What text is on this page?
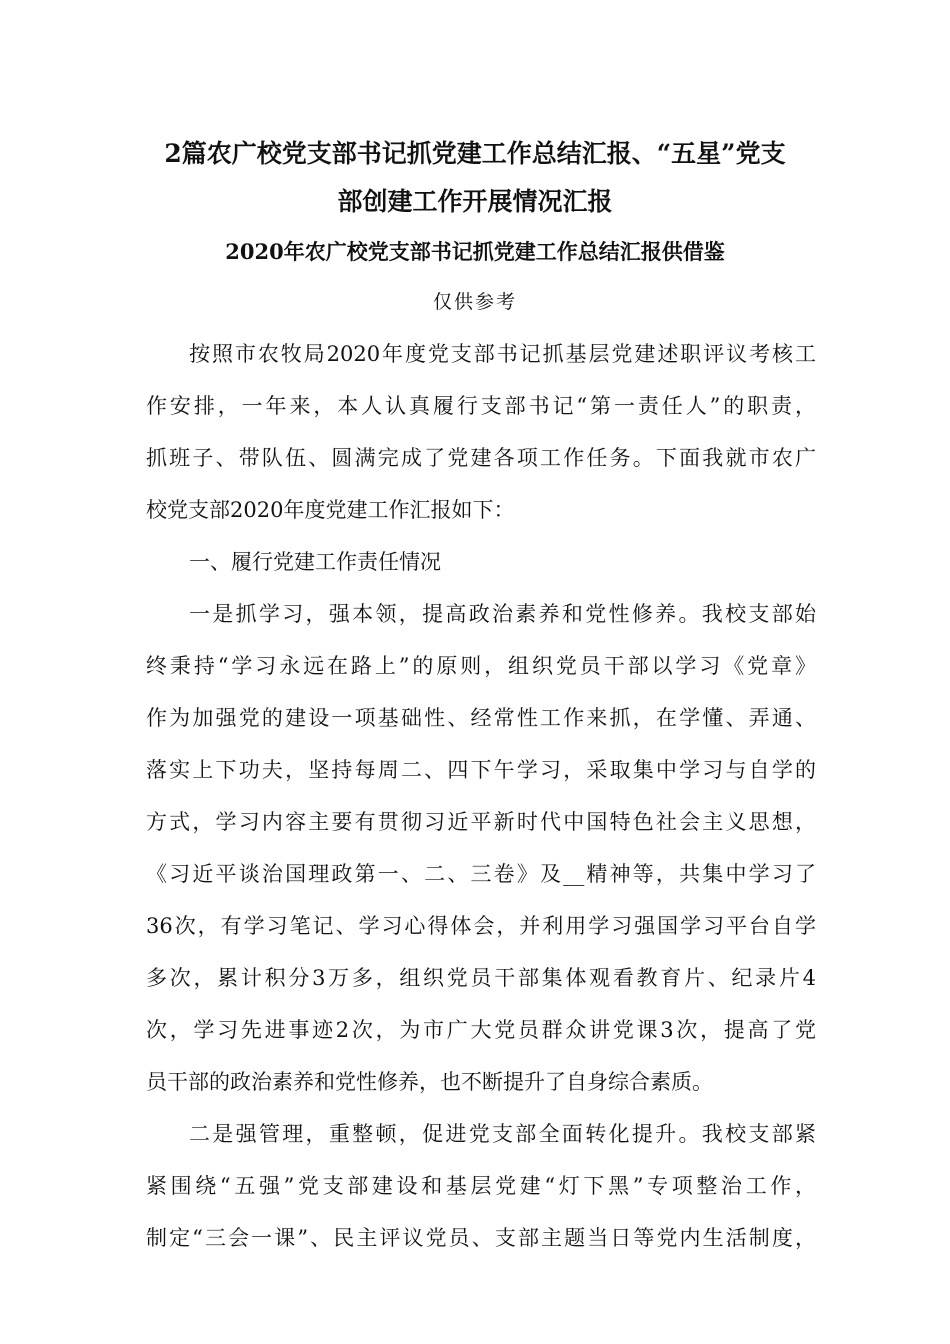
2篇农广校党支部书记抓党建工作总结汇报、“五星”党支
部创建工作开展情况汇报
2020年农广校党支部书记抓党建工作总结汇报供借鉴
仅供参考
按照市农牧局2020年度党支部书记抓基层党建述职评议考核工
作安排，一年来，本人认真履行支部书记“第一责任人”的职责，
抓班子、带队伍、圆满完成了党建各项工作任务。下面我就市农广
校党支部2020年度党建工作汇报如下：
一、履行党建工作责任情况
一是抓学习，强本领，提高政治素养和党性修养。我校支部始
终秉持“学习永远在路上”的原则，组织党员干部以学习《党章》
作为加强党的建设一项基础性、经常性工作来抓，在学懂、弄通、
落实上下功夫，坚持每周二、四下午学习，采取集中学习与自学的
方式，学习内容主要有贯彻习近平新时代中国特色社会主义思想，
《习近平谈治国理政第一、二、三卷》及__精神等，共集中学习了
36次，有学习笔记、学习心得体会，并利用学习强国学习平台自学
多次，累计积分3万多，组织党员干部集体观看教育片、纪录片4
次，学习先进事迹2次，为市广大党员群众讲党课3次，提高了党
员干部的政治素养和党性修养，也不断提升了自身综合素质。
二是强管理，重整顿，促进党支部全面转化提升。我校支部紧
紧围绕“五强”党支部建设和基层党建“灯下黑”专项整治工作，
制定“三会一课”、民主评议党员、支部主题当日等党内生活制度，
